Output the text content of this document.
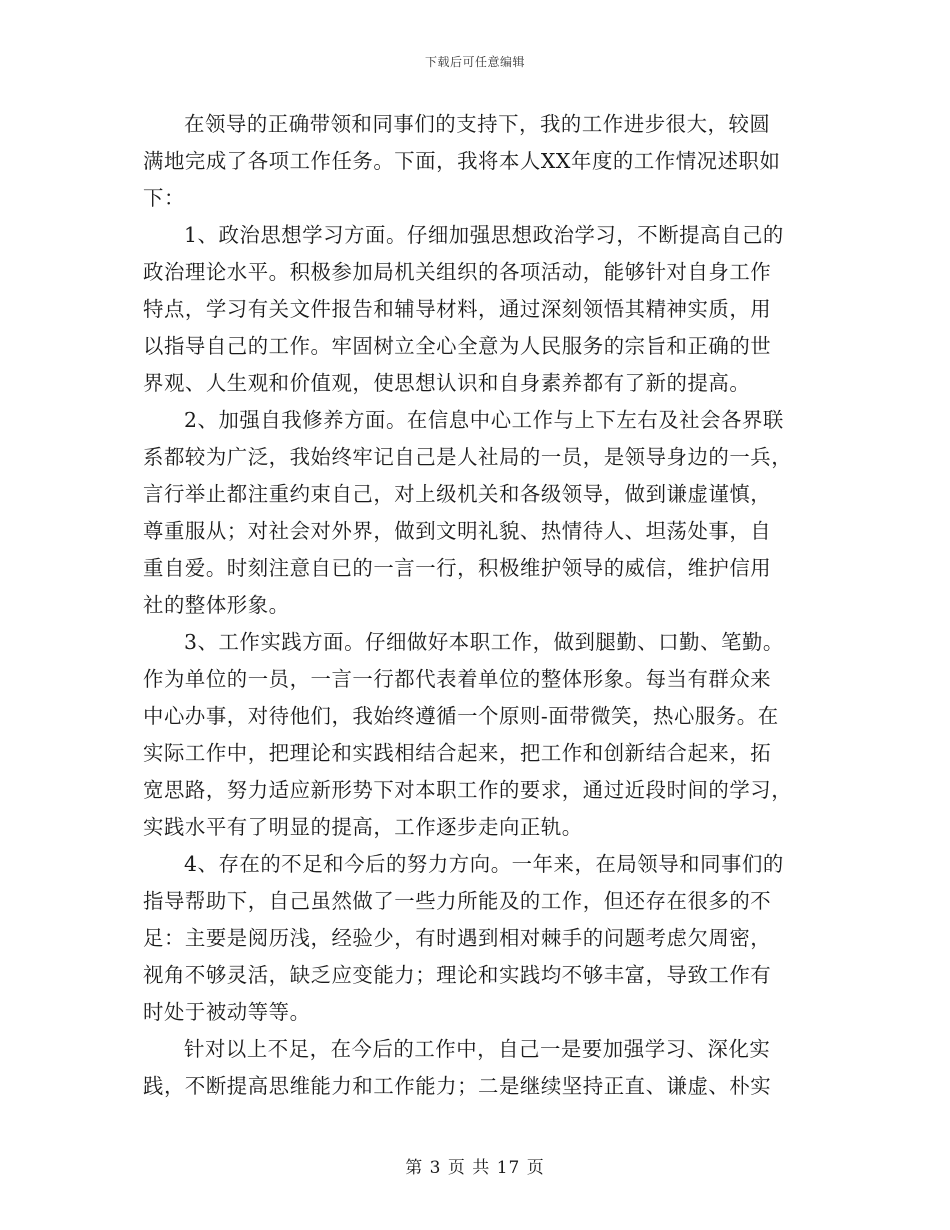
下载后可任意编辑
在领导的正确带领和同事们的支持下，我的工作进步很大，较圆
满地完成了各项工作任务。下面，我将本人XX年度的工作情况述职如
下：
1、政治思想学习方面。仔细加强思想政治学习，不断提高自己的
政治理论水平。积极参加局机关组织的各项活动，能够针对自身工作
特点，学习有关文件报告和辅导材料，通过深刻领悟其精神实质，用
以指导自己的工作。牢固树立全心全意为人民服务的宗旨和正确的世
界观、人生观和价值观，使思想认识和自身素养都有了新的提高。
2、加强自我修养方面。在信息中心工作与上下左右及社会各界联
系都较为广泛，我始终牢记自己是人社局的一员，是领导身边的一兵，
言行举止都注重约束自己，对上级机关和各级领导，做到谦虚谨慎，
尊重服从；对社会对外界，做到文明礼貌、热情待人、坦荡处事，自
重自爱。时刻注意自已的一言一行，积极维护领导的威信，维护信用
社的整体形象。
3、工作实践方面。仔细做好本职工作，做到腿勤、口勤、笔勤。
作为单位的一员，一言一行都代表着单位的整体形象。每当有群众来
中心办事，对待他们，我始终遵循一个原则-面带微笑，热心服务。在
实际工作中，把理论和实践相结合起来，把工作和创新结合起来，拓
宽思路，努力适应新形势下对本职工作的要求，通过近段时间的学习，
实践水平有了明显的提高，工作逐步走向正轨。
4、存在的不足和今后的努力方向。一年来，在局领导和同事们的
指导帮助下，自己虽然做了一些力所能及的工作，但还存在很多的不
足：主要是阅历浅，经验少，有时遇到相对棘手的问题考虑欠周密，
视角不够灵活，缺乏应变能力；理论和实践均不够丰富，导致工作有
时处于被动等等。
针对以上不足，在今后的工作中，自己一是要加强学习、深化实
践，不断提高思维能力和工作能力；二是继续坚持正直、谦虚、朴实
第 3 页 共 17 页
